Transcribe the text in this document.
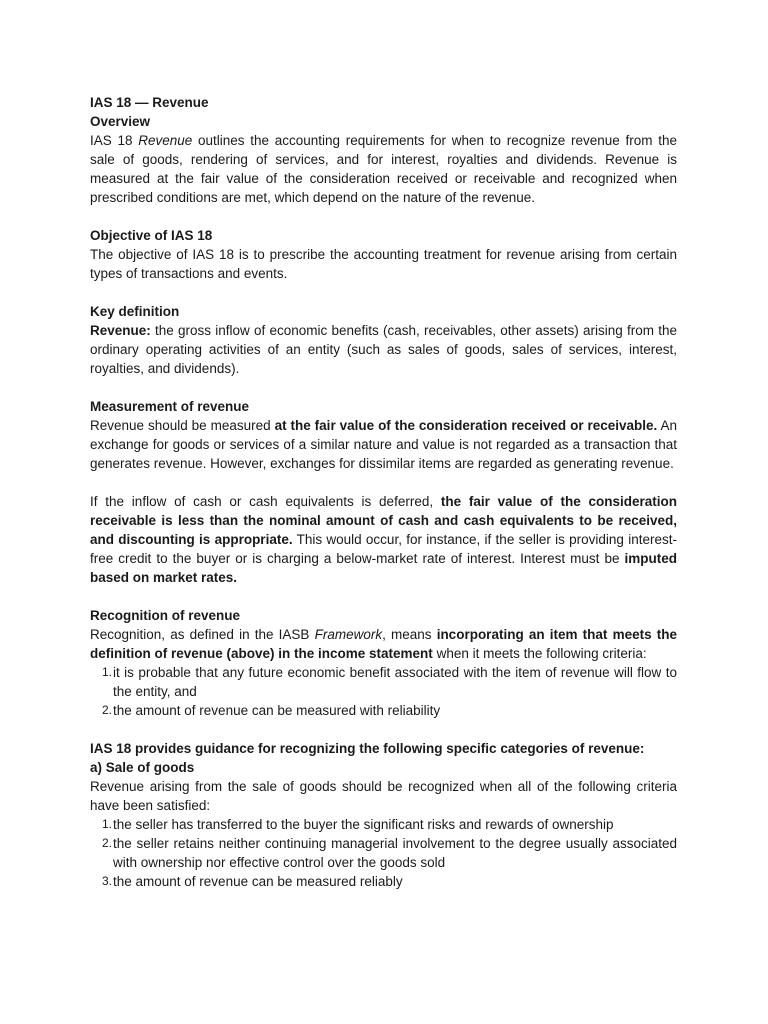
IAS 18 — Revenue

Overview

IAS 18 Revenue outlines the accounting requirements for when to recognize revenue from the sale of goods, rendering of services, and for interest, royalties and dividends. Revenue is measured at the fair value of the consideration received or receivable and recognized when prescribed conditions are met, which depend on the nature of the revenue.

Objective of IAS 18

The objective of IAS 18 is to prescribe the accounting treatment for revenue arising from certain types of transactions and events.

Key definition

Revenue: the gross inflow of economic benefits (cash, receivables, other assets) arising from the ordinary operating activities of an entity (such as sales of goods, sales of services, interest, royalties, and dividends).

Measurement of revenue

Revenue should be measured at the fair value of the consideration received or receivable. An exchange for goods or services of a similar nature and value is not regarded as a transaction that generates revenue. However, exchanges for dissimilar items are regarded as generating revenue.

If the inflow of cash or cash equivalents is deferred, the fair value of the consideration receivable is less than the nominal amount of cash and cash equivalents to be received, and discounting is appropriate. This would occur, for instance, if the seller is providing interest-free credit to the buyer or is charging a below-market rate of interest. Interest must be imputed based on market rates.

Recognition of revenue

Recognition, as defined in the IASB Framework, means incorporating an item that meets the definition of revenue (above) in the income statement when it meets the following criteria:

1. it is probable that any future economic benefit associated with the item of revenue will flow to the entity, and
2. the amount of revenue can be measured with reliability

IAS 18 provides guidance for recognizing the following specific categories of revenue:

a) Sale of goods

Revenue arising from the sale of goods should be recognized when all of the following criteria have been satisfied:

1. the seller has transferred to the buyer the significant risks and rewards of ownership
2. the seller retains neither continuing managerial involvement to the degree usually associated with ownership nor effective control over the goods sold
3. the amount of revenue can be measured reliably
